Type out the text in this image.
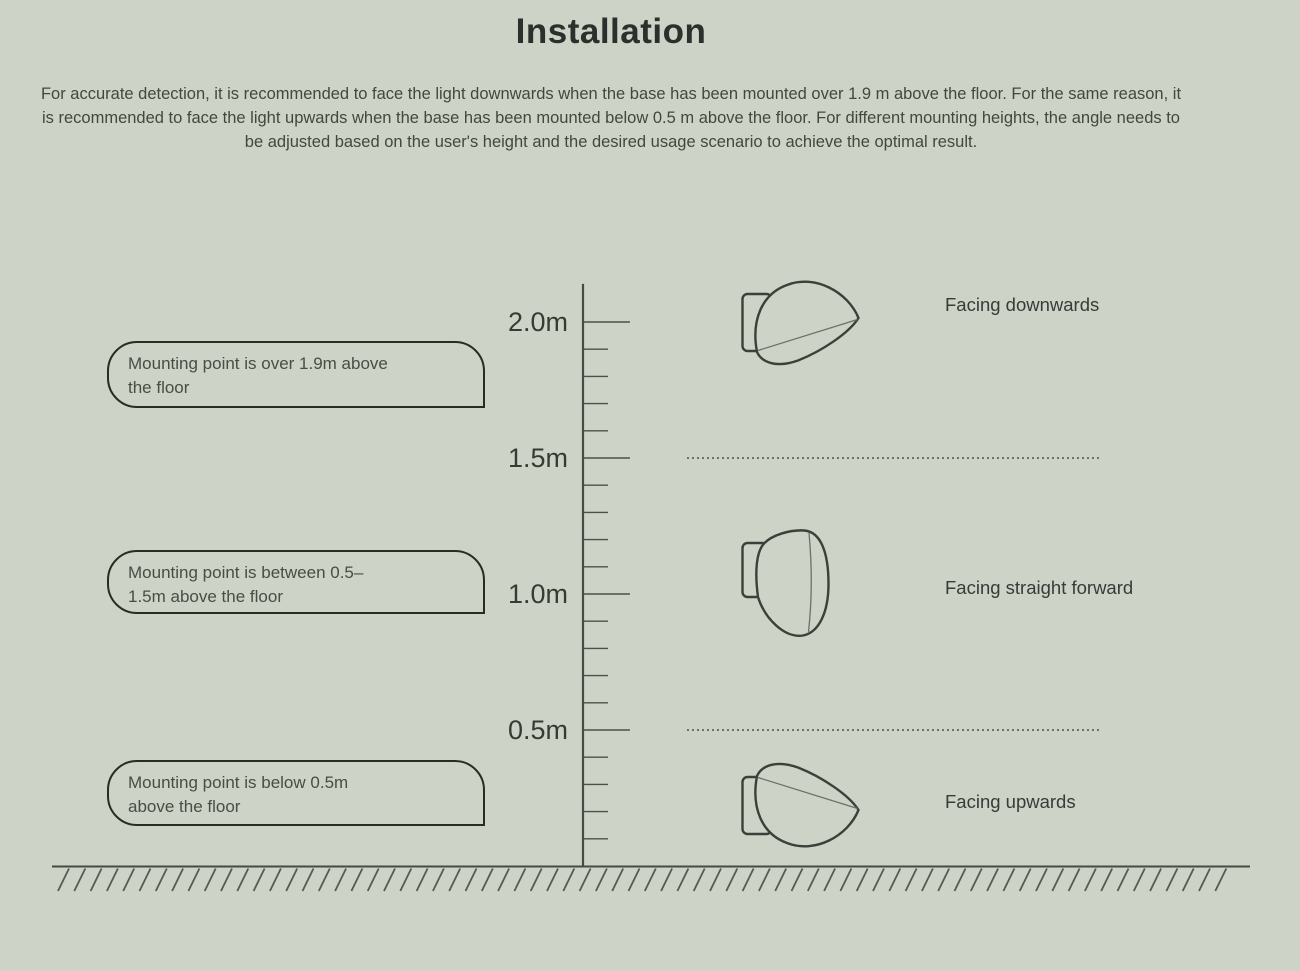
Installation

For accurate detection, it is recommended to face the light downwards when the base has been mounted over 1.9 m above the floor. For the same reason, it is recommended to face the light upwards when the base has been mounted below 0.5 m above the floor. For different mounting heights, the angle needs to be adjusted based on the user's height and the desired usage scenario to achieve the optimal result.

Mounting point is over 1.9m above
the floor
Mounting point is between 0.5–
1.5m above the floor
Mounting point is below 0.5m
above the floor
2.0m
1.5m
1.0m
0.5m
Facing downwards
Facing straight forward
Facing upwards
